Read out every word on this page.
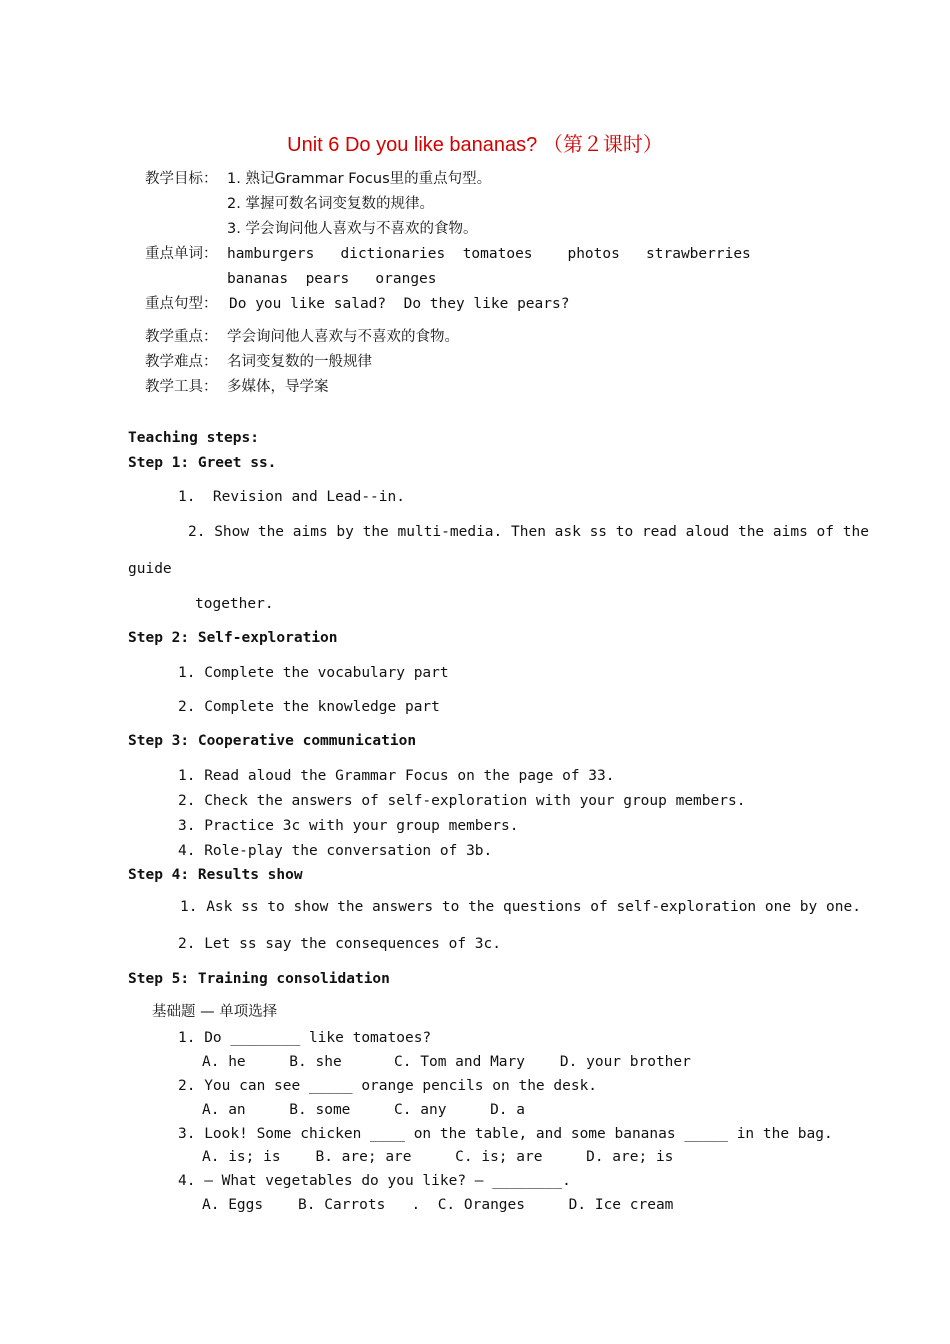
Unit 6 Do you like bananas? （第２课时）
教学目标： 1. 熟记Grammar Focus里的重点句型。
2. 掌握可数名词变复数的规律。
3. 学会询问他人喜欢与不喜欢的食物。
重点单词： hamburgers   dictionaries  tomatoes    photos   strawberries
bananas  pears   oranges
重点句型： Do you like salad?  Do they like pears?
教学重点： 学会询问他人喜欢与不喜欢的食物。
教学难点： 名词变复数的一般规律
教学工具： 多媒体，导学案
Teaching steps:
Step 1: Greet ss.
1.  Revision and Lead--in.
2. Show the aims by the multi-media. Then ask ss to read aloud the aims of the
guide
together.
Step 2: Self-exploration
1. Complete the vocabulary part
2. Complete the knowledge part
Step 3: Cooperative communication
1. Read aloud the Grammar Focus on the page of 33.
2. Check the answers of self-exploration with your group members.
3. Practice 3c with your group members.
4. Role-play the conversation of 3b.
Step 4: Results show
1. Ask ss to show the answers to the questions of self-exploration one by one.
2. Let ss say the consequences of 3c.
Step 5: Training consolidation
基础题 — 单项选择
1. Do ________ like tomatoes?
A. he     B. she      C. Tom and Mary    D. your brother
2. You can see _____ orange pencils on the desk.
A. an     B. some     C. any     D. a
3. Look! Some chicken ____ on the table, and some bananas _____ in the bag.
A. is; is    B. are; are     C. is; are     D. are; is
4. — What vegetables do you like? — ________.
A. Eggs    B. Carrots   .  C. Oranges     D. Ice cream
